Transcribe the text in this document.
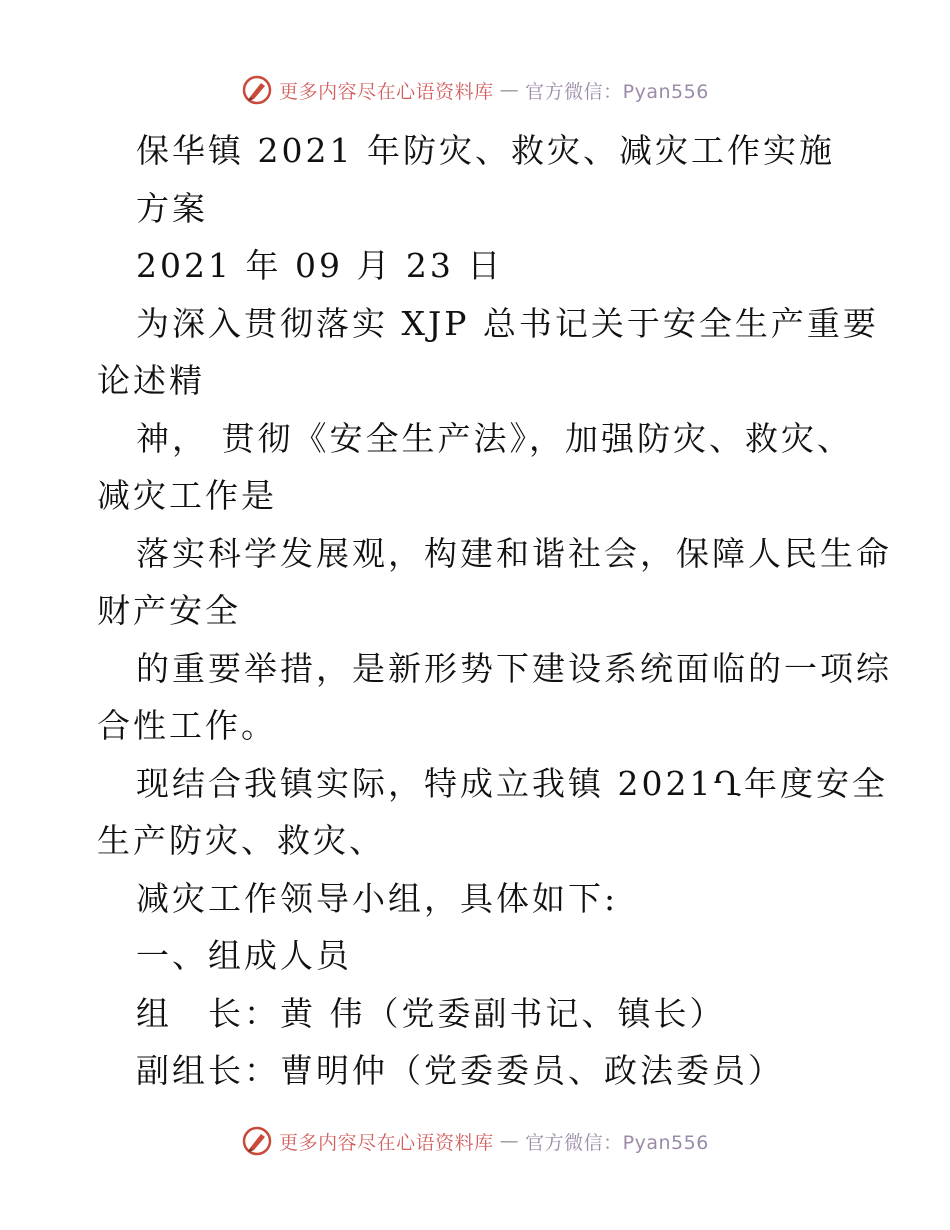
更多内容尽在心语资料库 — 官方微信：Pyan556
保华镇 2021 年防灾、救灾、减灾工作实施
方案
2021 年 09 月 23 日
为深入贯彻落实 XJP 总书记关于安全生产重要
论述精
神， 贯彻《安全生产法》，加强防灾、救灾、
减灾工作是
落实科学发展观，构建和谐社会，保障人民生命
财产安全
的重要举措，是新形势下建设系统面临的一项综
合性工作。
现结合我镇实际，特成立我镇 2021Ղ年度安全
生产防灾、救灾、
减灾工作领导小组，具体如下:
一、组成人员
组　长：黄 伟（党委副书记、镇长）
副组长：曹明仲（党委委员、政法委员）
更多内容尽在心语资料库 — 官方微信：Pyan556
